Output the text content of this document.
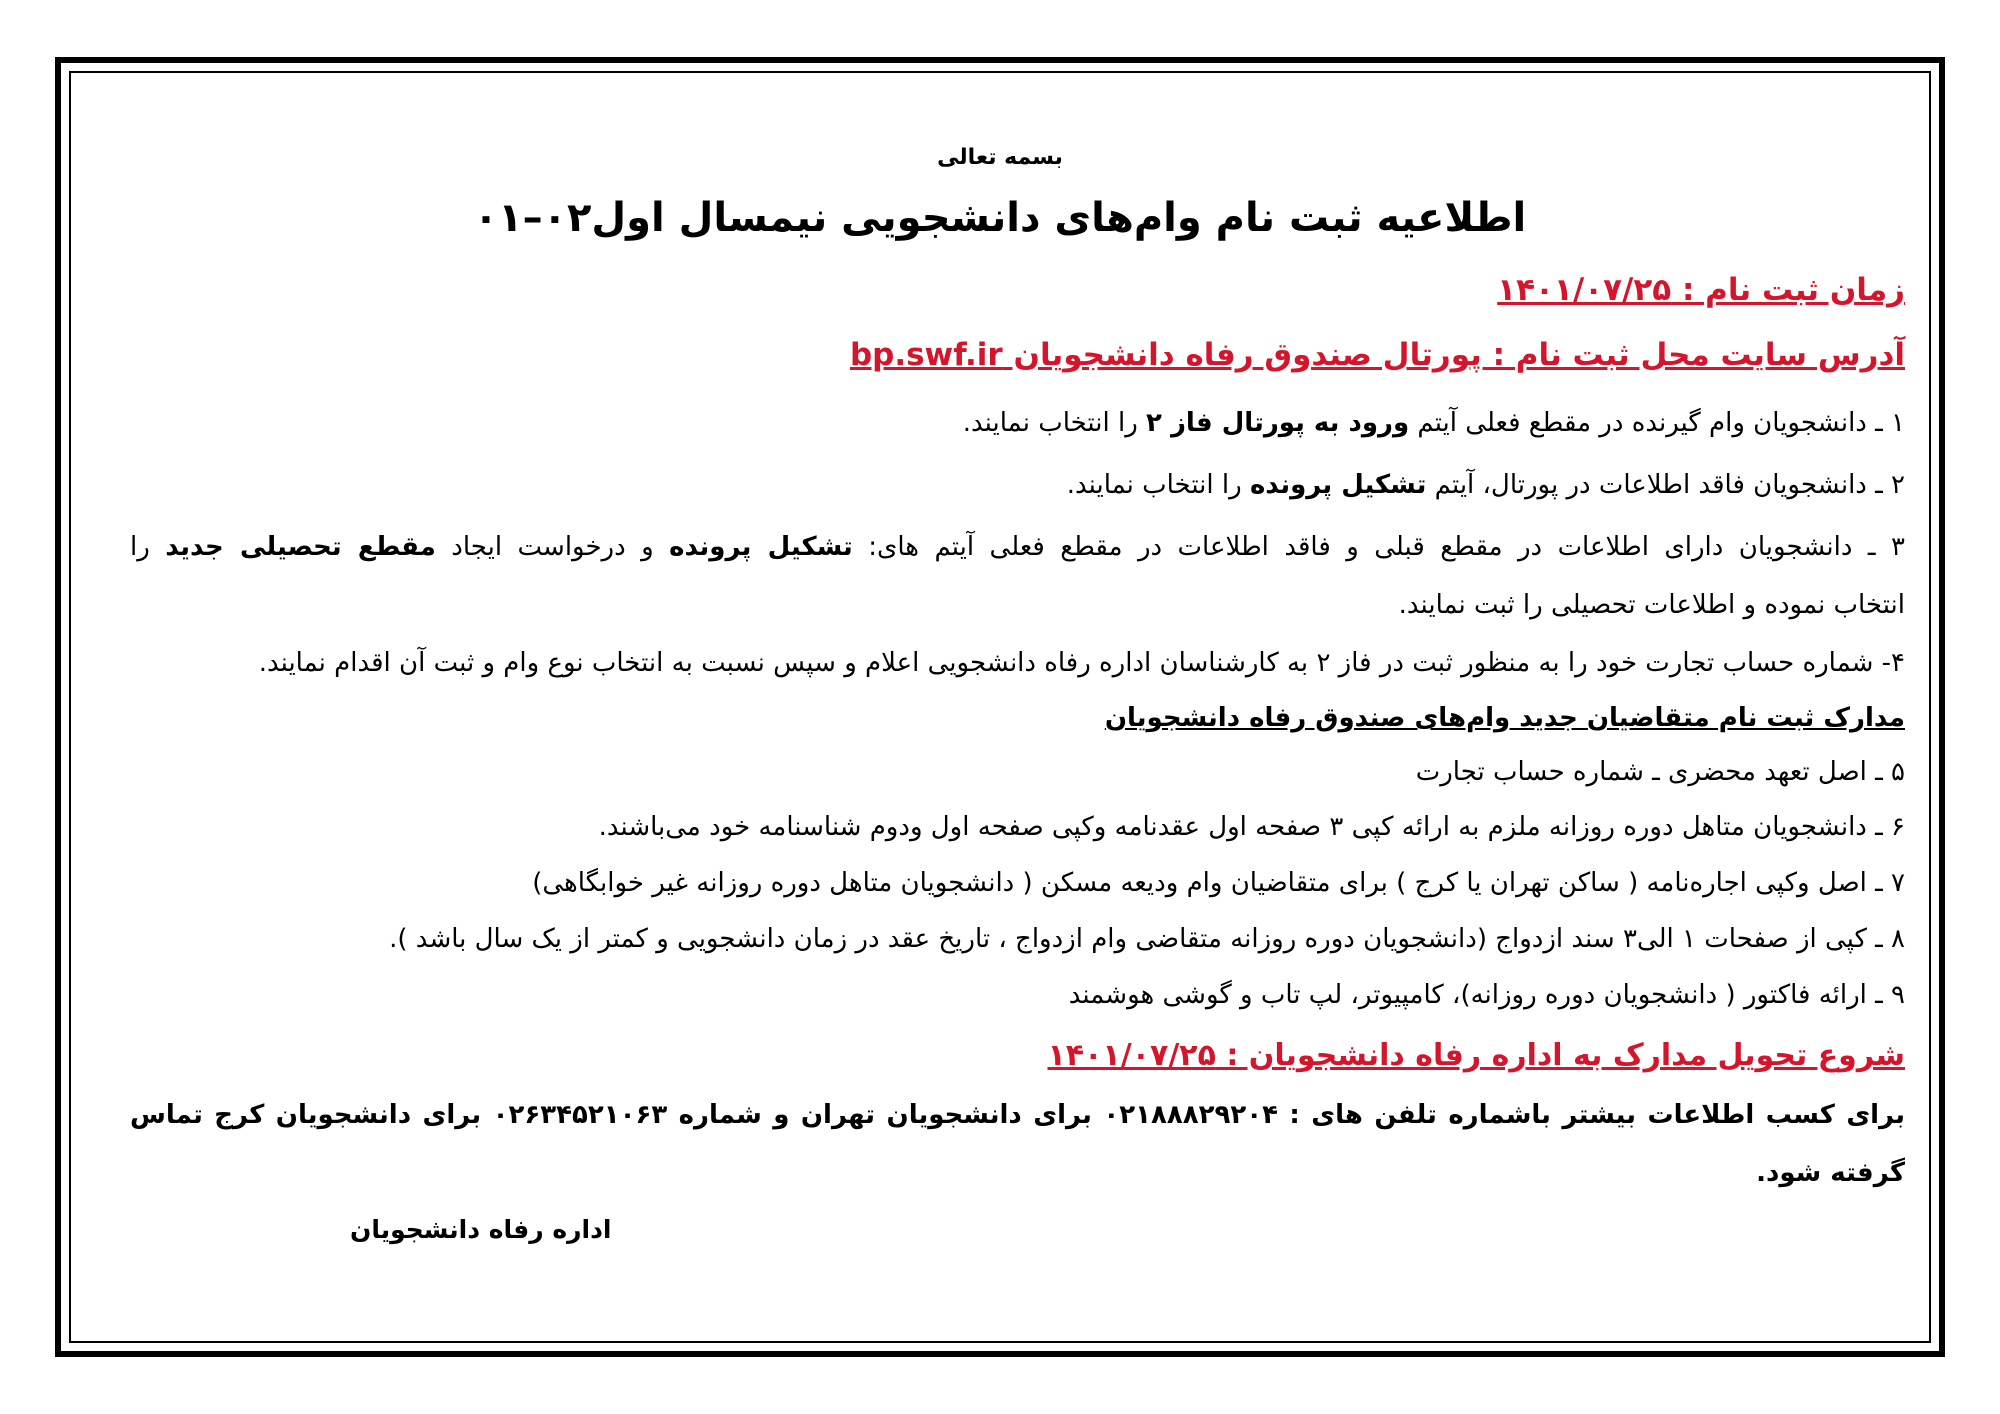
بسمه تعالی
اطلاعیه ثبت نام وام‌های دانشجویی نیمسال اول۰۲–۰۱
زمان ثبت نام : ۱۴۰۱/۰۷/۲۵
آدرس سایت محل ثبت نام : پورتال صندوق رفاه دانشجویان bp.swf.ir
۱ ـ دانشجویان وام گیرنده در مقطع فعلی آیتم ورود به پورتال فاز ۲ را انتخاب نمایند.
۲ ـ دانشجویان فاقد اطلاعات در پورتال، آیتم تشکیل پرونده را انتخاب نمایند.
۳ ـ دانشجویان دارای اطلاعات در مقطع قبلی و فاقد اطلاعات در مقطع فعلی آیتم های: تشکیل پرونده و درخواست ایجاد مقطع تحصیلی جدید را
انتخاب نموده و اطلاعات تحصیلی را ثبت نمایند.
۴- شماره حساب تجارت خود را به منظور ثبت در فاز ۲ به کارشناسان اداره رفاه دانشجویی اعلام و سپس نسبت به انتخاب نوع وام و ثبت آن اقدام نمایند.
مدارک ثبت نام متقاضیان جدید وام‌های صندوق رفاه دانشجویان
۵ ـ اصل تعهد محضری ـ شماره حساب تجارت
۶ ـ دانشجویان متاهل دوره روزانه ملزم به ارائه کپی ۳ صفحه اول عقدنامه وکپی صفحه اول ودوم شناسنامه خود می‌باشند.
۷ ـ اصل وکپی اجاره‌نامه ( ساکن تهران یا کرج ) برای متقاضیان وام ودیعه مسکن ( دانشجویان متاهل دوره روزانه غیر خوابگاهی)
۸ ـ کپی از صفحات ۱ الی۳ سند ازدواج (دانشجویان دوره روزانه متقاضی وام ازدواج ، تاریخ عقد در زمان دانشجویی و کمتر از یک سال باشد ).
۹ ـ ارائه فاکتور ( دانشجویان دوره روزانه)، کامپیوتر، لپ تاب و گوشی هوشمند
شروع تحویل مدارک به اداره رفاه دانشجویان : ۱۴۰۱/۰۷/۲۵
برای کسب اطلاعات بیشتر باشماره تلفن های : ۰۲۱۸۸۸۲۹۲۰۴ برای دانشجویان تهران و شماره ۰۲۶۳۴۵۲۱۰۶۳ برای دانشجویان کرج تماس
گرفته شود.
اداره رفاه دانشجویان
